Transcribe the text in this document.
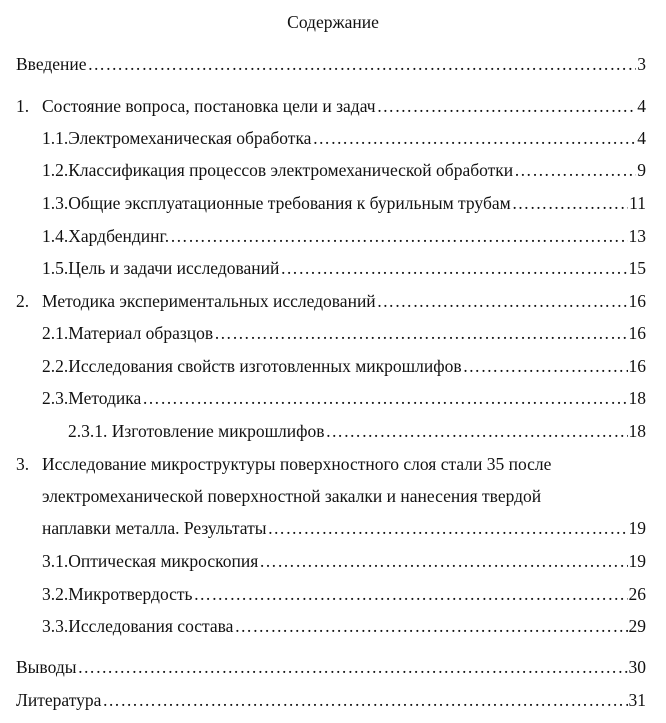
Содержание
Введение ………………………………………………………………………………………………………………………………………………………………………………………………………………………………………………	3
1. Состояние вопроса, постановка цели и задач ………………………………………………………………………………………………………………………………………………………………………………………………………………………………………………	4
1.1.Электромеханическая обработка ………………………………………………………………………………………………………………………………………………………………………………………………………………………………………………	4
1.2.Классификация процессов электромеханической обработки ………………………………………………………………………………………………………………………………………………………………………………………………………………………………………………	9
1.3.Общие эксплуатационные требования к бурильным трубам ………………………………………………………………………………………………………………………………………………………………………………………………………………………………………………	11
1.4.Хардбендинг. ………………………………………………………………………………………………………………………………………………………………………………………………………………………………………………	13
1.5.Цель и задачи исследований ………………………………………………………………………………………………………………………………………………………………………………………………………………………………………………	15
2. Методика экспериментальных исследований ………………………………………………………………………………………………………………………………………………………………………………………………………………………………………………	16
2.1.Материал образцов ………………………………………………………………………………………………………………………………………………………………………………………………………………………………………………	16
2.2.Исследования свойств изготовленных микрошлифов ………………………………………………………………………………………………………………………………………………………………………………………………………………………………………………	16
2.3.Методика ………………………………………………………………………………………………………………………………………………………………………………………………………………………………………………	18
2.3.1. Изготовление микрошлифов ………………………………………………………………………………………………………………………………………………………………………………………………………………………………………………	18
3. Исследование микроструктуры поверхностного слоя стали 35 после
электромеханической поверхностной закалки и нанесения твердой
наплавки металла. Результаты ………………………………………………………………………………………………………………………………………………………………………………………………………………………………………………	19
3.1.Оптическая микроскопия ………………………………………………………………………………………………………………………………………………………………………………………………………………………………………………	19
3.2.Микротвердость ………………………………………………………………………………………………………………………………………………………………………………………………………………………………………………	26
3.3.Исследования состава ………………………………………………………………………………………………………………………………………………………………………………………………………………………………………………	29
Выводы ………………………………………………………………………………………………………………………………………………………………………………………………………………………………………………	30
Литература ………………………………………………………………………………………………………………………………………………………………………………………………………………………………………………	31
